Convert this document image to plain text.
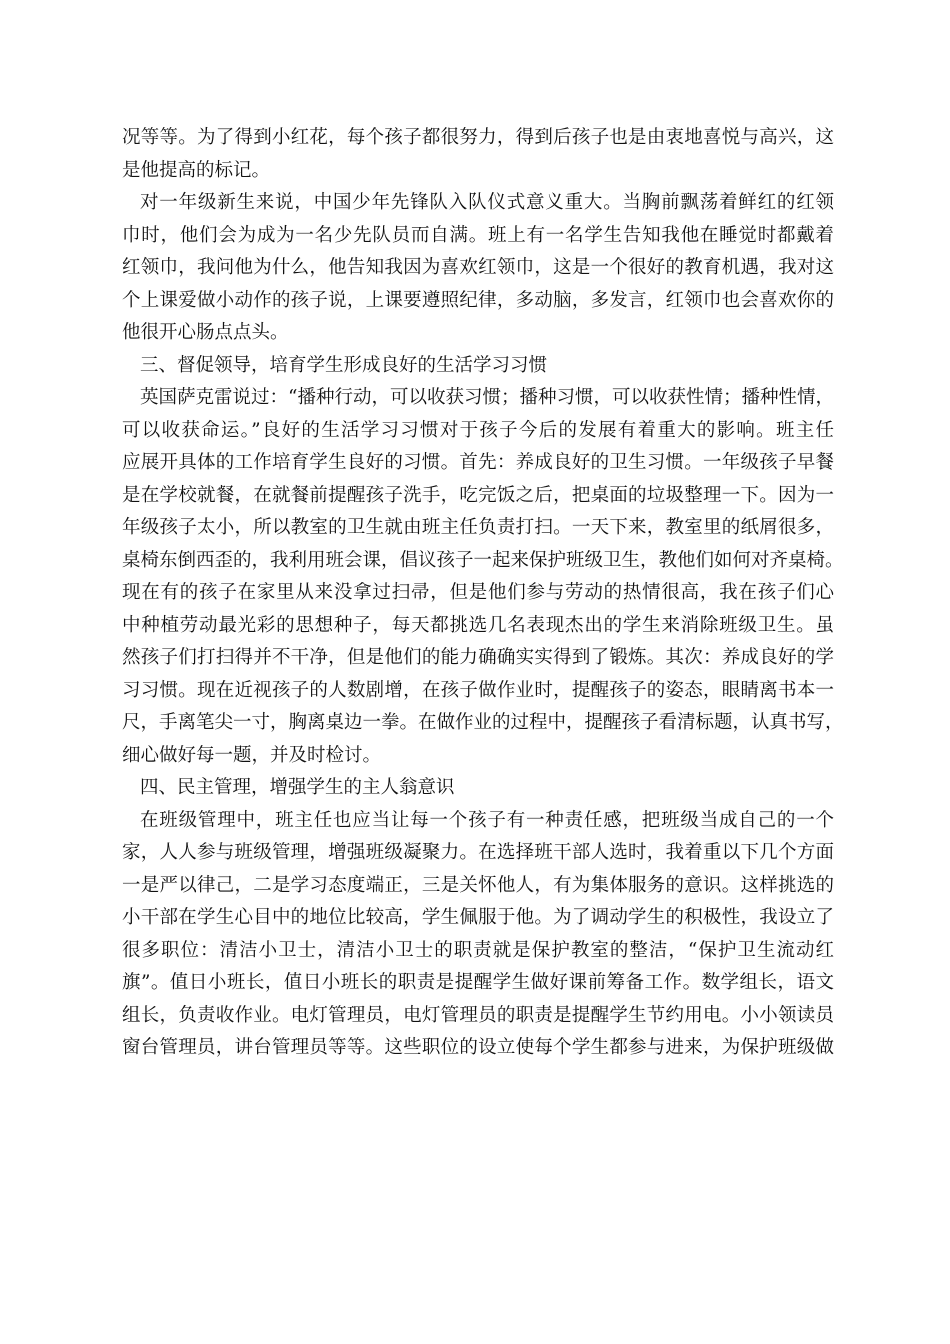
况等等。为了得到小红花，每个孩子都很努力，得到后孩子也是由衷地喜悦与高兴，这
是他提高的标记。
对一年级新生来说，中国少年先锋队入队仪式意义重大。当胸前飘荡着鲜红的红领
巾时，他们会为成为一名少先队员而自满。班上有一名学生告知我他在睡觉时都戴着
红领巾，我问他为什么，他告知我因为喜欢红领巾，这是一个很好的教育机遇，我对这
个上课爱做小动作的孩子说，上课要遵照纪律，多动脑，多发言，红领巾也会喜欢你的
他很开心肠点点头。
三、督促领导，培育学生形成良好的生活学习习惯
英国萨克雷说过：“播种行动，可以收获习惯；播种习惯，可以收获性情；播种性情，
可以收获命运。”良好的生活学习习惯对于孩子今后的发展有着重大的影响。班主任
应展开具体的工作培育学生良好的习惯。首先：养成良好的卫生习惯。一年级孩子早餐
是在学校就餐，在就餐前提醒孩子洗手，吃完饭之后，把桌面的垃圾整理一下。因为一
年级孩子太小，所以教室的卫生就由班主任负责打扫。一天下来，教室里的纸屑很多，
桌椅东倒西歪的，我利用班会课，倡议孩子一起来保护班级卫生，教他们如何对齐桌椅。
现在有的孩子在家里从来没拿过扫帚，但是他们参与劳动的热情很高，我在孩子们心
中种植劳动最光彩的思想种子，每天都挑选几名表现杰出的学生来消除班级卫生。虽
然孩子们打扫得并不干净，但是他们的能力确确实实得到了锻炼。其次：养成良好的学
习习惯。现在近视孩子的人数剧增，在孩子做作业时，提醒孩子的姿态，眼睛离书本一
尺，手离笔尖一寸，胸离桌边一拳。在做作业的过程中，提醒孩子看清标题，认真书写，
细心做好每一题，并及时检讨。
四、民主管理，增强学生的主人翁意识
在班级管理中，班主任也应当让每一个孩子有一种责任感，把班级当成自己的一个
家，人人参与班级管理，增强班级凝聚力。在选择班干部人选时，我着重以下几个方面
一是严以律己，二是学习态度端正，三是关怀他人，有为集体服务的意识。这样挑选的
小干部在学生心目中的地位比较高，学生佩服于他。为了调动学生的积极性，我设立了
很多职位：清洁小卫士，清洁小卫士的职责就是保护教室的整洁，“保护卫生流动红
旗”。值日小班长，值日小班长的职责是提醒学生做好课前筹备工作。数学组长，语文
组长，负责收作业。电灯管理员，电灯管理员的职责是提醒学生节约用电。小小领读员
窗台管理员，讲台管理员等等。这些职位的设立使每个学生都参与进来，为保护班级做
